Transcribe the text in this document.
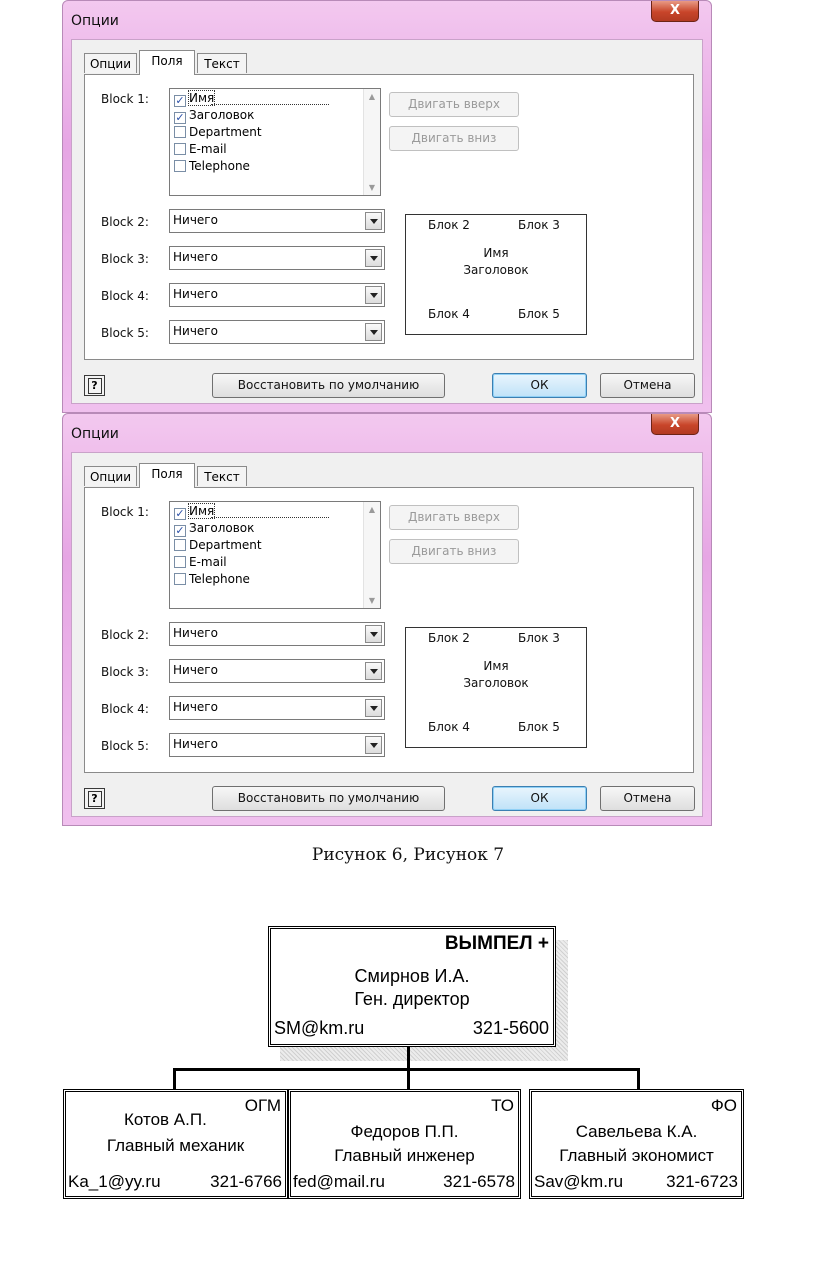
Опции
X
Опции	Поля	Текст
Block 1: ✓ Имя
✓ Заголовок
Department
E-mail
Telephone
▲
▼
Двигать вверх
Двигать вниз
Block 2: Ничего
Block 3: Ничего
Block 4: Ничего
Block 5: Ничего
Блок 2	Блок 3
Имя
Заголовок
Блок 4	Блок 5
?	Восстановить по умолчанию	ОК	Отмена
Опции
X
Опции	Поля	Текст
Block 1: ✓ Имя
✓ Заголовок
Department
E-mail
Telephone
▲
▼
Двигать вверх
Двигать вниз
Block 2: Ничего
Block 3: Ничего
Block 4: Ничего
Block 5: Ничего
Блок 2	Блок 3
Имя
Заголовок
Блок 4	Блок 5
?	Восстановить по умолчанию	ОК	Отмена
Рисунок 6, Рисунок 7
ВЫМПЕЛ +
Смирнов И.А.
Ген. директор
SM@km.ru	321-5600
ОГМ
Котов А.П.
Главный механик
Ka_1@yy.ru	321-6766
ТО
Федоров П.П.
Главный инженер
fed@mail.ru	321-6578
ФО
Савельева К.А.
Главный экономист
Sav@km.ru	321-6723
